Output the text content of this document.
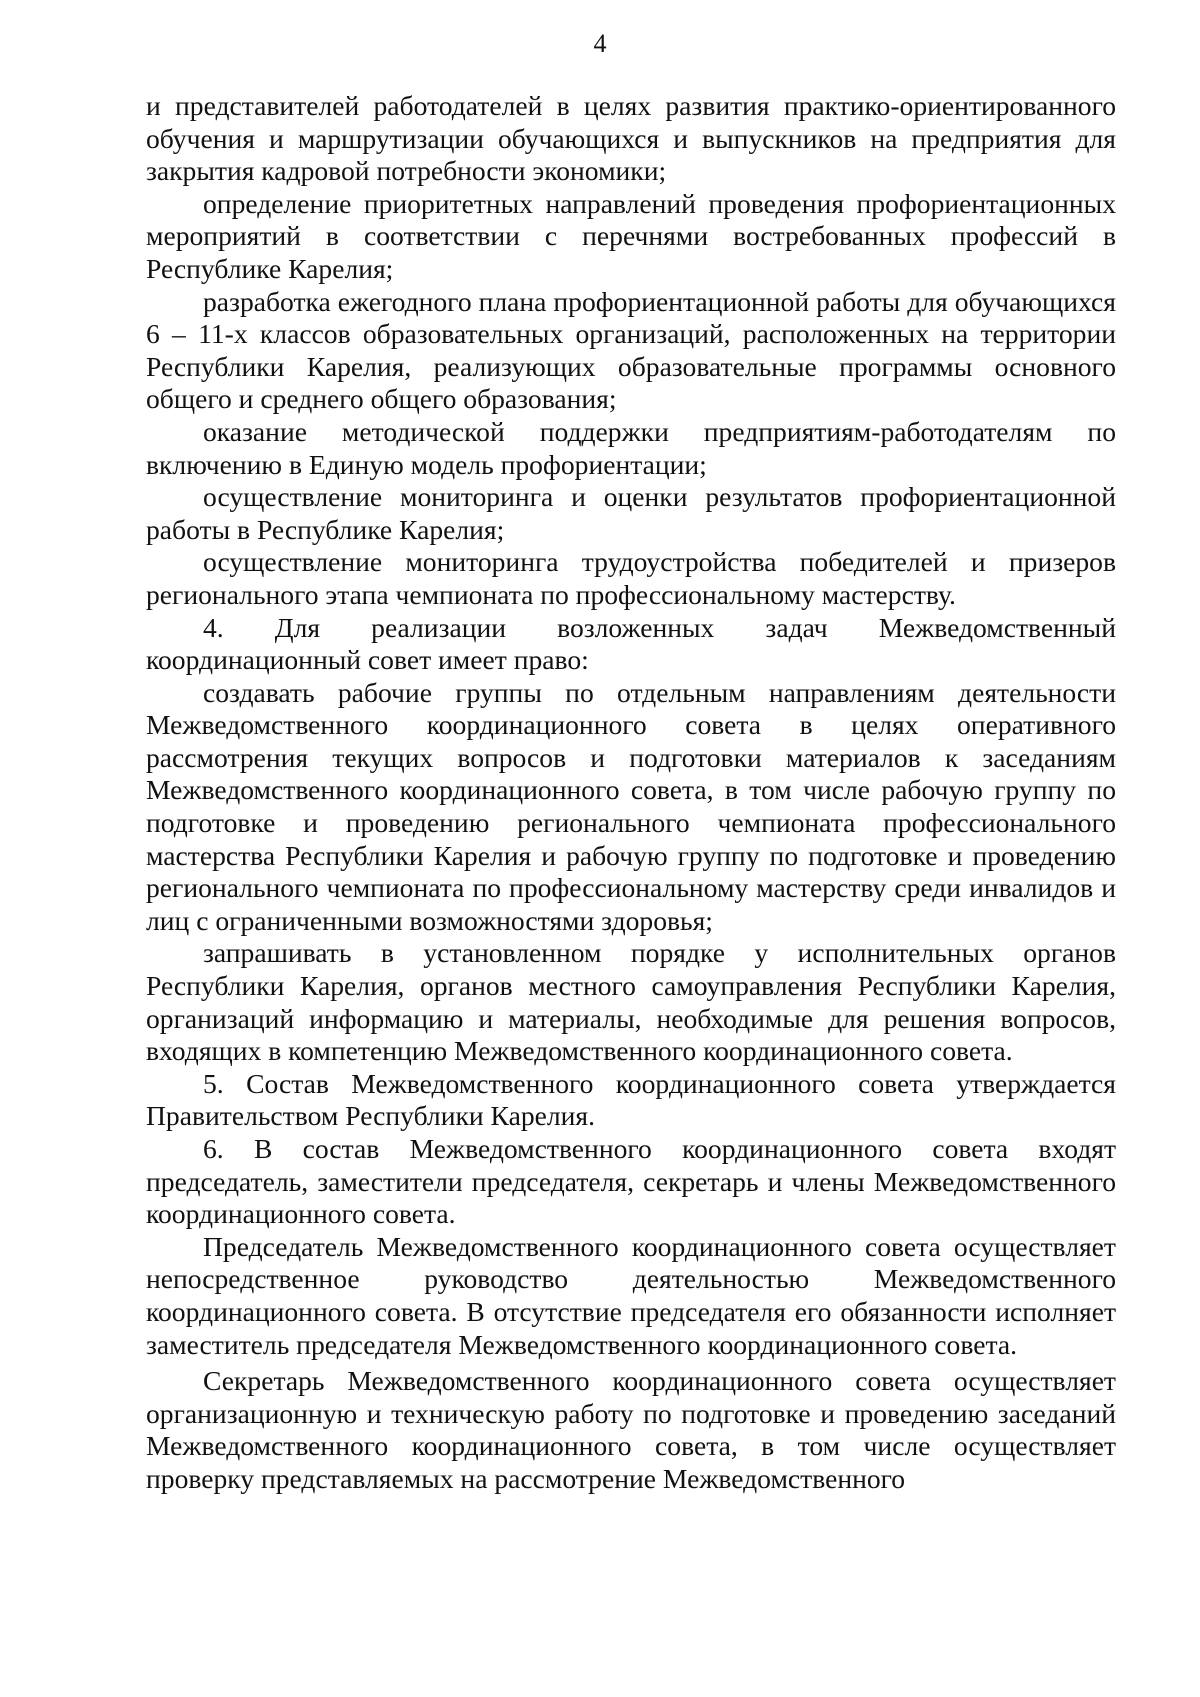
4

и представителей работодателей в целях развития практико-ориентированного обучения и маршрутизации обучающихся и выпускников на предприятия для закрытия кадровой потребности экономики;

определение приоритетных направлений проведения профориентационных мероприятий в соответствии с перечнями востребованных профессий в Республике Карелия;

разработка ежегодного плана профориентационной работы для обучающихся 6 – 11-х классов образовательных организаций, расположенных на территории Республики Карелия, реализующих образовательные программы основного общего и среднего общего образования;

оказание методической поддержки предприятиям-работодателям по включению в Единую модель профориентации;

осуществление мониторинга и оценки результатов профориентационной работы в Республике Карелия;

осуществление мониторинга трудоустройства победителей и призеров регионального этапа чемпионата по профессиональному мастерству.

4. Для реализации возложенных задач Межведомственный координационный совет имеет право:

создавать рабочие группы по отдельным направлениям деятельности Межведомственного координационного совета в целях оперативного рассмотрения текущих вопросов и подготовки материалов к заседаниям Межведомственного координационного совета, в том числе рабочую группу по подготовке и проведению регионального чемпионата профессионального мастерства Республики Карелия и рабочую группу по подготовке и проведению регионального чемпионата по профессиональному мастерству среди инвалидов и лиц с ограниченными возможностями здоровья;

запрашивать в установленном порядке у исполнительных органов Республики Карелия, органов местного самоуправления Республики Карелия, организаций информацию и материалы, необходимые для решения вопросов, входящих в компетенцию Межведомственного координационного совета.

5. Состав Межведомственного координационного совета утверждается Правительством Республики Карелия.

6. В состав Межведомственного координационного совета входят председатель, заместители председателя, секретарь и члены Межведомственного координационного совета.

Председатель Межведомственного координационного совета осуществляет непосредственное руководство деятельностью Межведомственного координационного совета. В отсутствие председателя его обязанности исполняет заместитель председателя Межведомственного координационного совета.

Секретарь Межведомственного координационного совета осуществляет организационную и техническую работу по подготовке и проведению заседаний Межведомственного координационного совета, в том числе осуществляет проверку представляемых на рассмотрение Межведомственного
